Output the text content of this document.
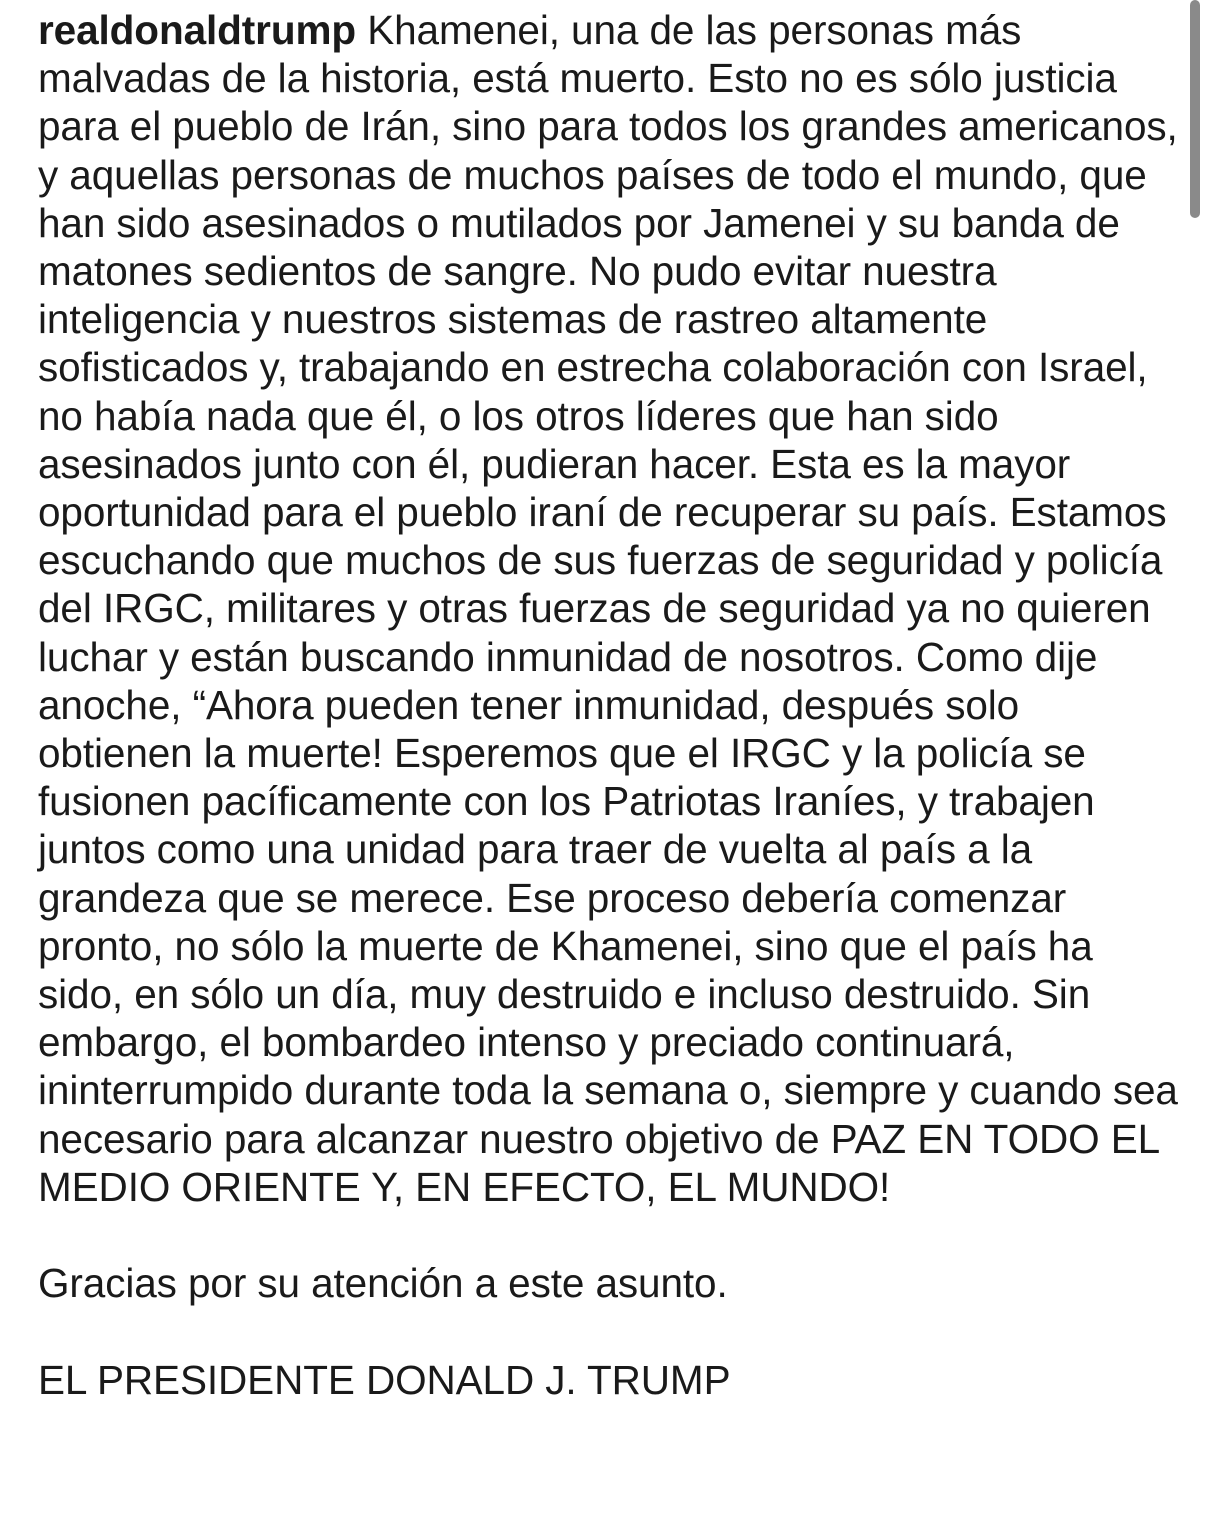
realdonaldtrump Khamenei, una de las personas más malvadas de la historia, está muerto. Esto no es sólo justicia para el pueblo de Irán, sino para todos los grandes americanos, y aquellas personas de muchos países de todo el mundo, que han sido asesinados o mutilados por Jamenei y su banda de matones sedientos de sangre. No pudo evitar nuestra inteligencia y nuestros sistemas de rastreo altamente sofisticados y, trabajando en estrecha colaboración con Israel, no había nada que él, o los otros líderes que han sido asesinados junto con él, pudieran hacer. Esta es la mayor oportunidad para el pueblo iraní de recuperar su país. Estamos escuchando que muchos de sus fuerzas de seguridad y policía del IRGC, militares y otras fuerzas de seguridad ya no quieren luchar y están buscando inmunidad de nosotros. Como dije anoche, “Ahora pueden tener inmunidad, después solo obtienen la muerte! Esperemos que el IRGC y la policía se fusionen pacíficamente con los Patriotas Iraníes, y trabajen juntos como una unidad para traer de vuelta al país a la grandeza que se merece. Ese proceso debería comenzar pronto, no sólo la muerte de Khamenei, sino que el país ha sido, en sólo un día, muy destruido e incluso destruido. Sin embargo, el bombardeo intenso y preciado continuará, ininterrumpido durante toda la semana o, siempre y cuando sea necesario para alcanzar nuestro objetivo de PAZ EN TODO EL MEDIO ORIENTE Y, EN EFECTO, EL MUNDO!

Gracias por su atención a este asunto.

EL PRESIDENTE DONALD J. TRUMP
